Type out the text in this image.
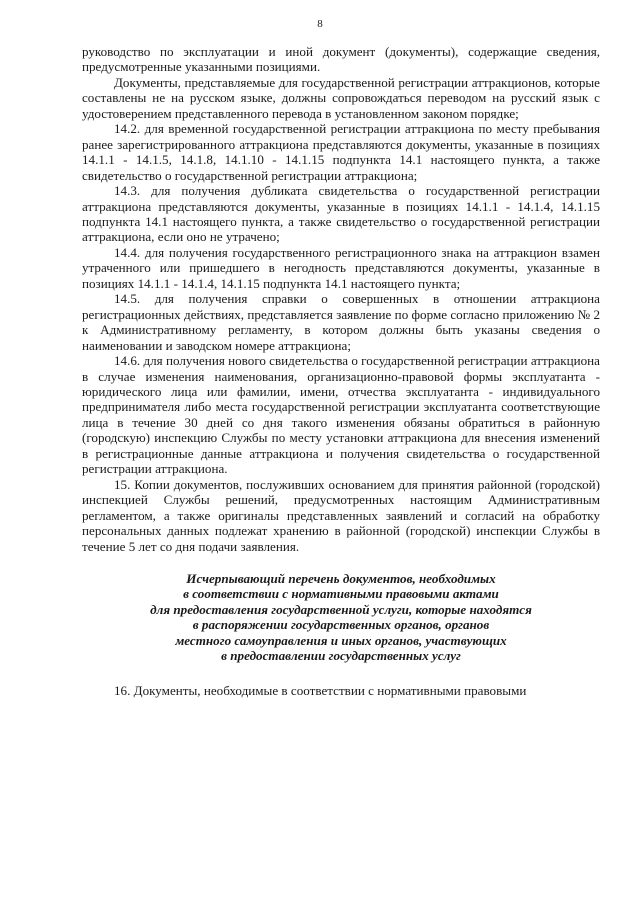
8

руководство по эксплуатации и иной документ (документы), содержащие сведения, предусмотренные указанными позициями.

Документы, представляемые для государственной регистрации аттракционов, которые составлены не на русском языке, должны сопровождаться переводом на русский язык с удостоверением представленного перевода в установленном законом порядке;

14.2. для временной государственной регистрации аттракциона по месту пребывания ранее зарегистрированного аттракциона представляются документы, указанные в позициях 14.1.1 - 14.1.5, 14.1.8, 14.1.10 - 14.1.15 подпункта 14.1 настоящего пункта, а также свидетельство о государственной регистрации аттракциона;

14.3. для получения дубликата свидетельства о государственной регистрации аттракциона представляются документы, указанные в позициях 14.1.1 - 14.1.4, 14.1.15 подпункта 14.1 настоящего пункта, а также свидетельство о государственной регистрации аттракциона, если оно не утрачено;

14.4. для получения государственного регистрационного знака на аттракцион взамен утраченного или пришедшего в негодность представляются документы, указанные в позициях 14.1.1 - 14.1.4, 14.1.15 подпункта 14.1 настоящего пункта;

14.5. для получения справки о совершенных в отношении аттракциона регистрационных действиях, представляется заявление по форме согласно приложению № 2 к Административному регламенту, в котором должны быть указаны сведения о наименовании и заводском номере аттракциона;

14.6. для получения нового свидетельства о государственной регистрации аттракциона в случае изменения наименования, организационно-правовой формы эксплуатанта - юридического лица или фамилии, имени, отчества эксплуатанта - индивидуального предпринимателя либо места государственной регистрации эксплуатанта соответствующие лица в течение 30 дней со дня такого изменения обязаны обратиться в районную (городскую) инспекцию Службы по месту установки аттракциона для внесения изменений в регистрационные данные аттракциона и получения свидетельства о государственной регистрации аттракциона.

15. Копии документов, послуживших основанием для принятия районной (городской) инспекцией Службы решений, предусмотренных настоящим Административным регламентом, а также оригиналы представленных заявлений и согласий на обработку персональных данных подлежат хранению в районной (городской) инспекции Службы в течение 5 лет со дня подачи заявления.

Исчерпывающий перечень документов, необходимых
в соответствии с нормативными правовыми актами
для предоставления государственной услуги, которые находятся
в распоряжении государственных органов, органов
местного самоуправления и иных органов, участвующих
в предоставлении государственных услуг

16. Документы, необходимые в соответствии с нормативными правовыми
